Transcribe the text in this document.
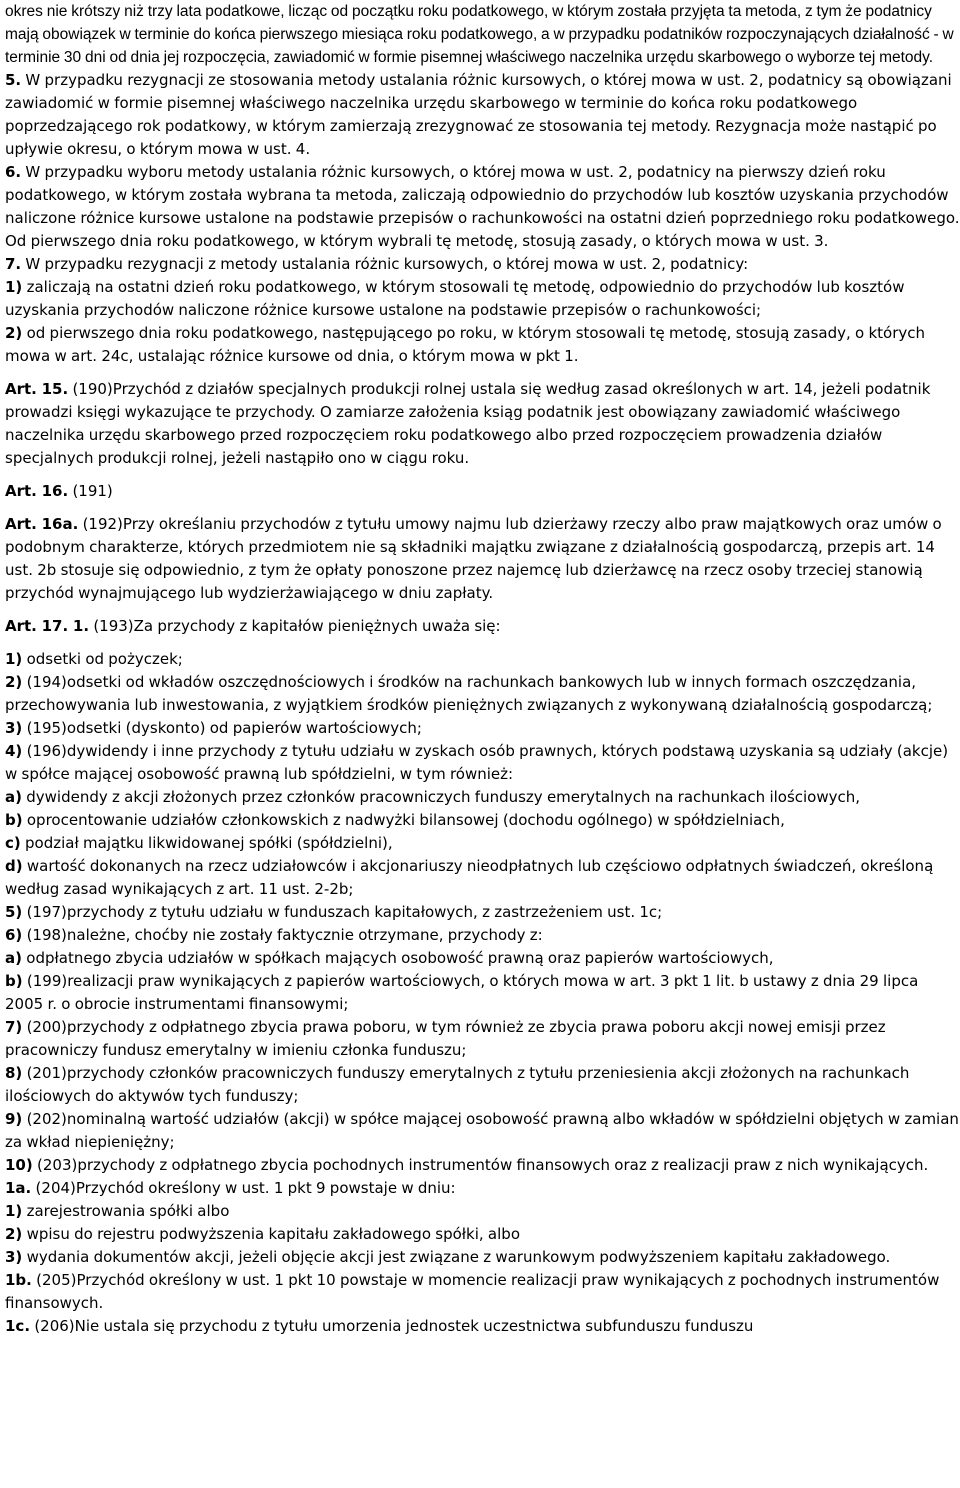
okres nie krótszy niż trzy lata podatkowe, licząc od początku roku podatkowego, w którym została przyjęta ta metoda, z tym że podatnicy mają obowiązek w terminie do końca pierwszego miesiąca roku podatkowego, a w przypadku podatników rozpoczynających działalność - w terminie 30 dni od dnia jej rozpoczęcia, zawiadomić w formie pisemnej właściwego naczelnika urzędu skarbowego o wyborze tej metody.

5. W przypadku rezygnacji ze stosowania metody ustalania różnic kursowych, o której mowa w ust. 2, podatnicy są obowiązani zawiadomić w formie pisemnej właściwego naczelnika urzędu skarbowego w terminie do końca roku podatkowego poprzedzającego rok podatkowy, w którym zamierzają zrezygnować ze stosowania tej metody. Rezygnacja może nastąpić po upływie okresu, o którym mowa w ust. 4.

6. W przypadku wyboru metody ustalania różnic kursowych, o której mowa w ust. 2, podatnicy na pierwszy dzień roku podatkowego, w którym została wybrana ta metoda, zaliczają odpowiednio do przychodów lub kosztów uzyskania przychodów naliczone różnice kursowe ustalone na podstawie przepisów o rachunkowości na ostatni dzień poprzedniego roku podatkowego. Od pierwszego dnia roku podatkowego, w którym wybrali tę metodę, stosują zasady, o których mowa w ust. 3.

7. W przypadku rezygnacji z metody ustalania różnic kursowych, o której mowa w ust. 2, podatnicy:

1) zaliczają na ostatni dzień roku podatkowego, w którym stosowali tę metodę, odpowiednio do przychodów lub kosztów uzyskania przychodów naliczone różnice kursowe ustalone na podstawie przepisów o rachunkowości;

2) od pierwszego dnia roku podatkowego, następującego po roku, w którym stosowali tę metodę, stosują zasady, o których mowa w art. 24c, ustalając różnice kursowe od dnia, o którym mowa w pkt 1.

Art. 15. (190)Przychód z działów specjalnych produkcji rolnej ustala się według zasad określonych w art. 14, jeżeli podatnik prowadzi księgi wykazujące te przychody. O zamiarze założenia ksiąg podatnik jest obowiązany zawiadomić właściwego naczelnika urzędu skarbowego przed rozpoczęciem roku podatkowego albo przed rozpoczęciem prowadzenia działów specjalnych produkcji rolnej, jeżeli nastąpiło ono w ciągu roku.

Art. 16. (191)

Art. 16a. (192)Przy określaniu przychodów z tytułu umowy najmu lub dzierżawy rzeczy albo praw majątkowych oraz umów o podobnym charakterze, których przedmiotem nie są składniki majątku związane z działalnością gospodarczą, przepis art. 14 ust. 2b stosuje się odpowiednio, z tym że opłaty ponoszone przez najemcę lub dzierżawcę na rzecz osoby trzeciej stanowią przychód wynajmującego lub wydzierżawiającego w dniu zapłaty.

Art. 17. 1. (193)Za przychody z kapitałów pieniężnych uważa się:

1) odsetki od pożyczek;

2) (194)odsetki od wkładów oszczędnościowych i środków na rachunkach bankowych lub w innych formach oszczędzania, przechowywania lub inwestowania, z wyjątkiem środków pieniężnych związanych z wykonywaną działalnością gospodarczą;

3) (195)odsetki (dyskonto) od papierów wartościowych;

4) (196)dywidendy i inne przychody z tytułu udziału w zyskach osób prawnych, których podstawą uzyskania są udziały (akcje) w spółce mającej osobowość prawną lub spółdzielni, w tym również:

a) dywidendy z akcji złożonych przez członków pracowniczych funduszy emerytalnych na rachunkach ilościowych,

b) oprocentowanie udziałów członkowskich z nadwyżki bilansowej (dochodu ogólnego) w spółdzielniach,

c) podział majątku likwidowanej spółki (spółdzielni),

d) wartość dokonanych na rzecz udziałowców i akcjonariuszy nieodpłatnych lub częściowo odpłatnych świadczeń, określoną według zasad wynikających z art. 11 ust. 2-2b;

5) (197)przychody z tytułu udziału w funduszach kapitałowych, z zastrzeżeniem ust. 1c;

6) (198)należne, choćby nie zostały faktycznie otrzymane, przychody z:

a) odpłatnego zbycia udziałów w spółkach mających osobowość prawną oraz papierów wartościowych,

b) (199)realizacji praw wynikających z papierów wartościowych, o których mowa w art. 3 pkt 1 lit. b ustawy z dnia 29 lipca 2005 r. o obrocie instrumentami finansowymi;

7) (200)przychody z odpłatnego zbycia prawa poboru, w tym również ze zbycia prawa poboru akcji nowej emisji przez pracowniczy fundusz emerytalny w imieniu członka funduszu;

8) (201)przychody członków pracowniczych funduszy emerytalnych z tytułu przeniesienia akcji złożonych na rachunkach ilościowych do aktywów tych funduszy;

9) (202)nominalną wartość udziałów (akcji) w spółce mającej osobowość prawną albo wkładów w spółdzielni objętych w zamian za wkład niepieniężny;

10) (203)przychody z odpłatnego zbycia pochodnych instrumentów finansowych oraz z realizacji praw z nich wynikających.

1a. (204)Przychód określony w ust. 1 pkt 9 powstaje w dniu:

1) zarejestrowania spółki albo

2) wpisu do rejestru podwyższenia kapitału zakładowego spółki, albo

3) wydania dokumentów akcji, jeżeli objęcie akcji jest związane z warunkowym podwyższeniem kapitału zakładowego.

1b. (205)Przychód określony w ust. 1 pkt 10 powstaje w momencie realizacji praw wynikających z pochodnych instrumentów finansowych.

1c. (206)Nie ustala się przychodu z tytułu umorzenia jednostek uczestnictwa subfunduszu funduszu
